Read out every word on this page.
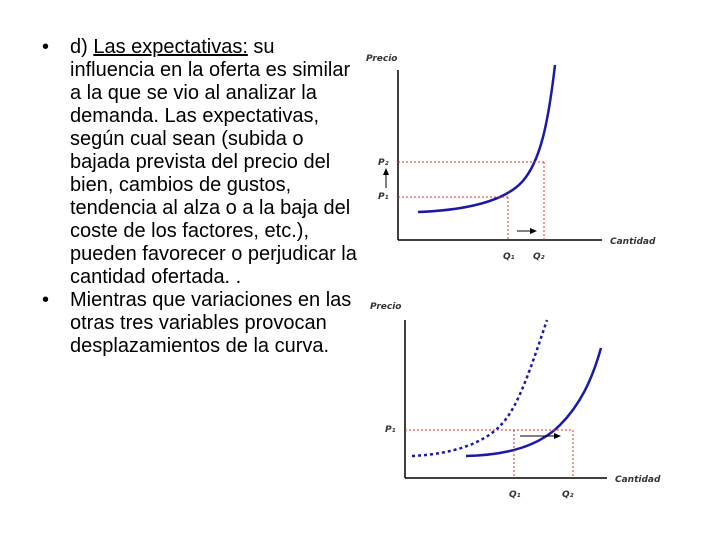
• d) Las expectativas: su influencia en la oferta es similar a la que se vio al analizar la demanda. Las expectativas, según cual sean (subida o bajada prevista del precio del bien, cambios de gustos, tendencia al alza o a la baja del coste de los factores, etc.), pueden favorecer o perjudicar la cantidad ofertada. .

• Mientras que variaciones en las otras tres variables provocan desplazamientos de la curva.

Precio
Cantidad
P₂
P₁
Q₁ Q₂
Precio
Cantidad
P₁
Q₁	Q₂
